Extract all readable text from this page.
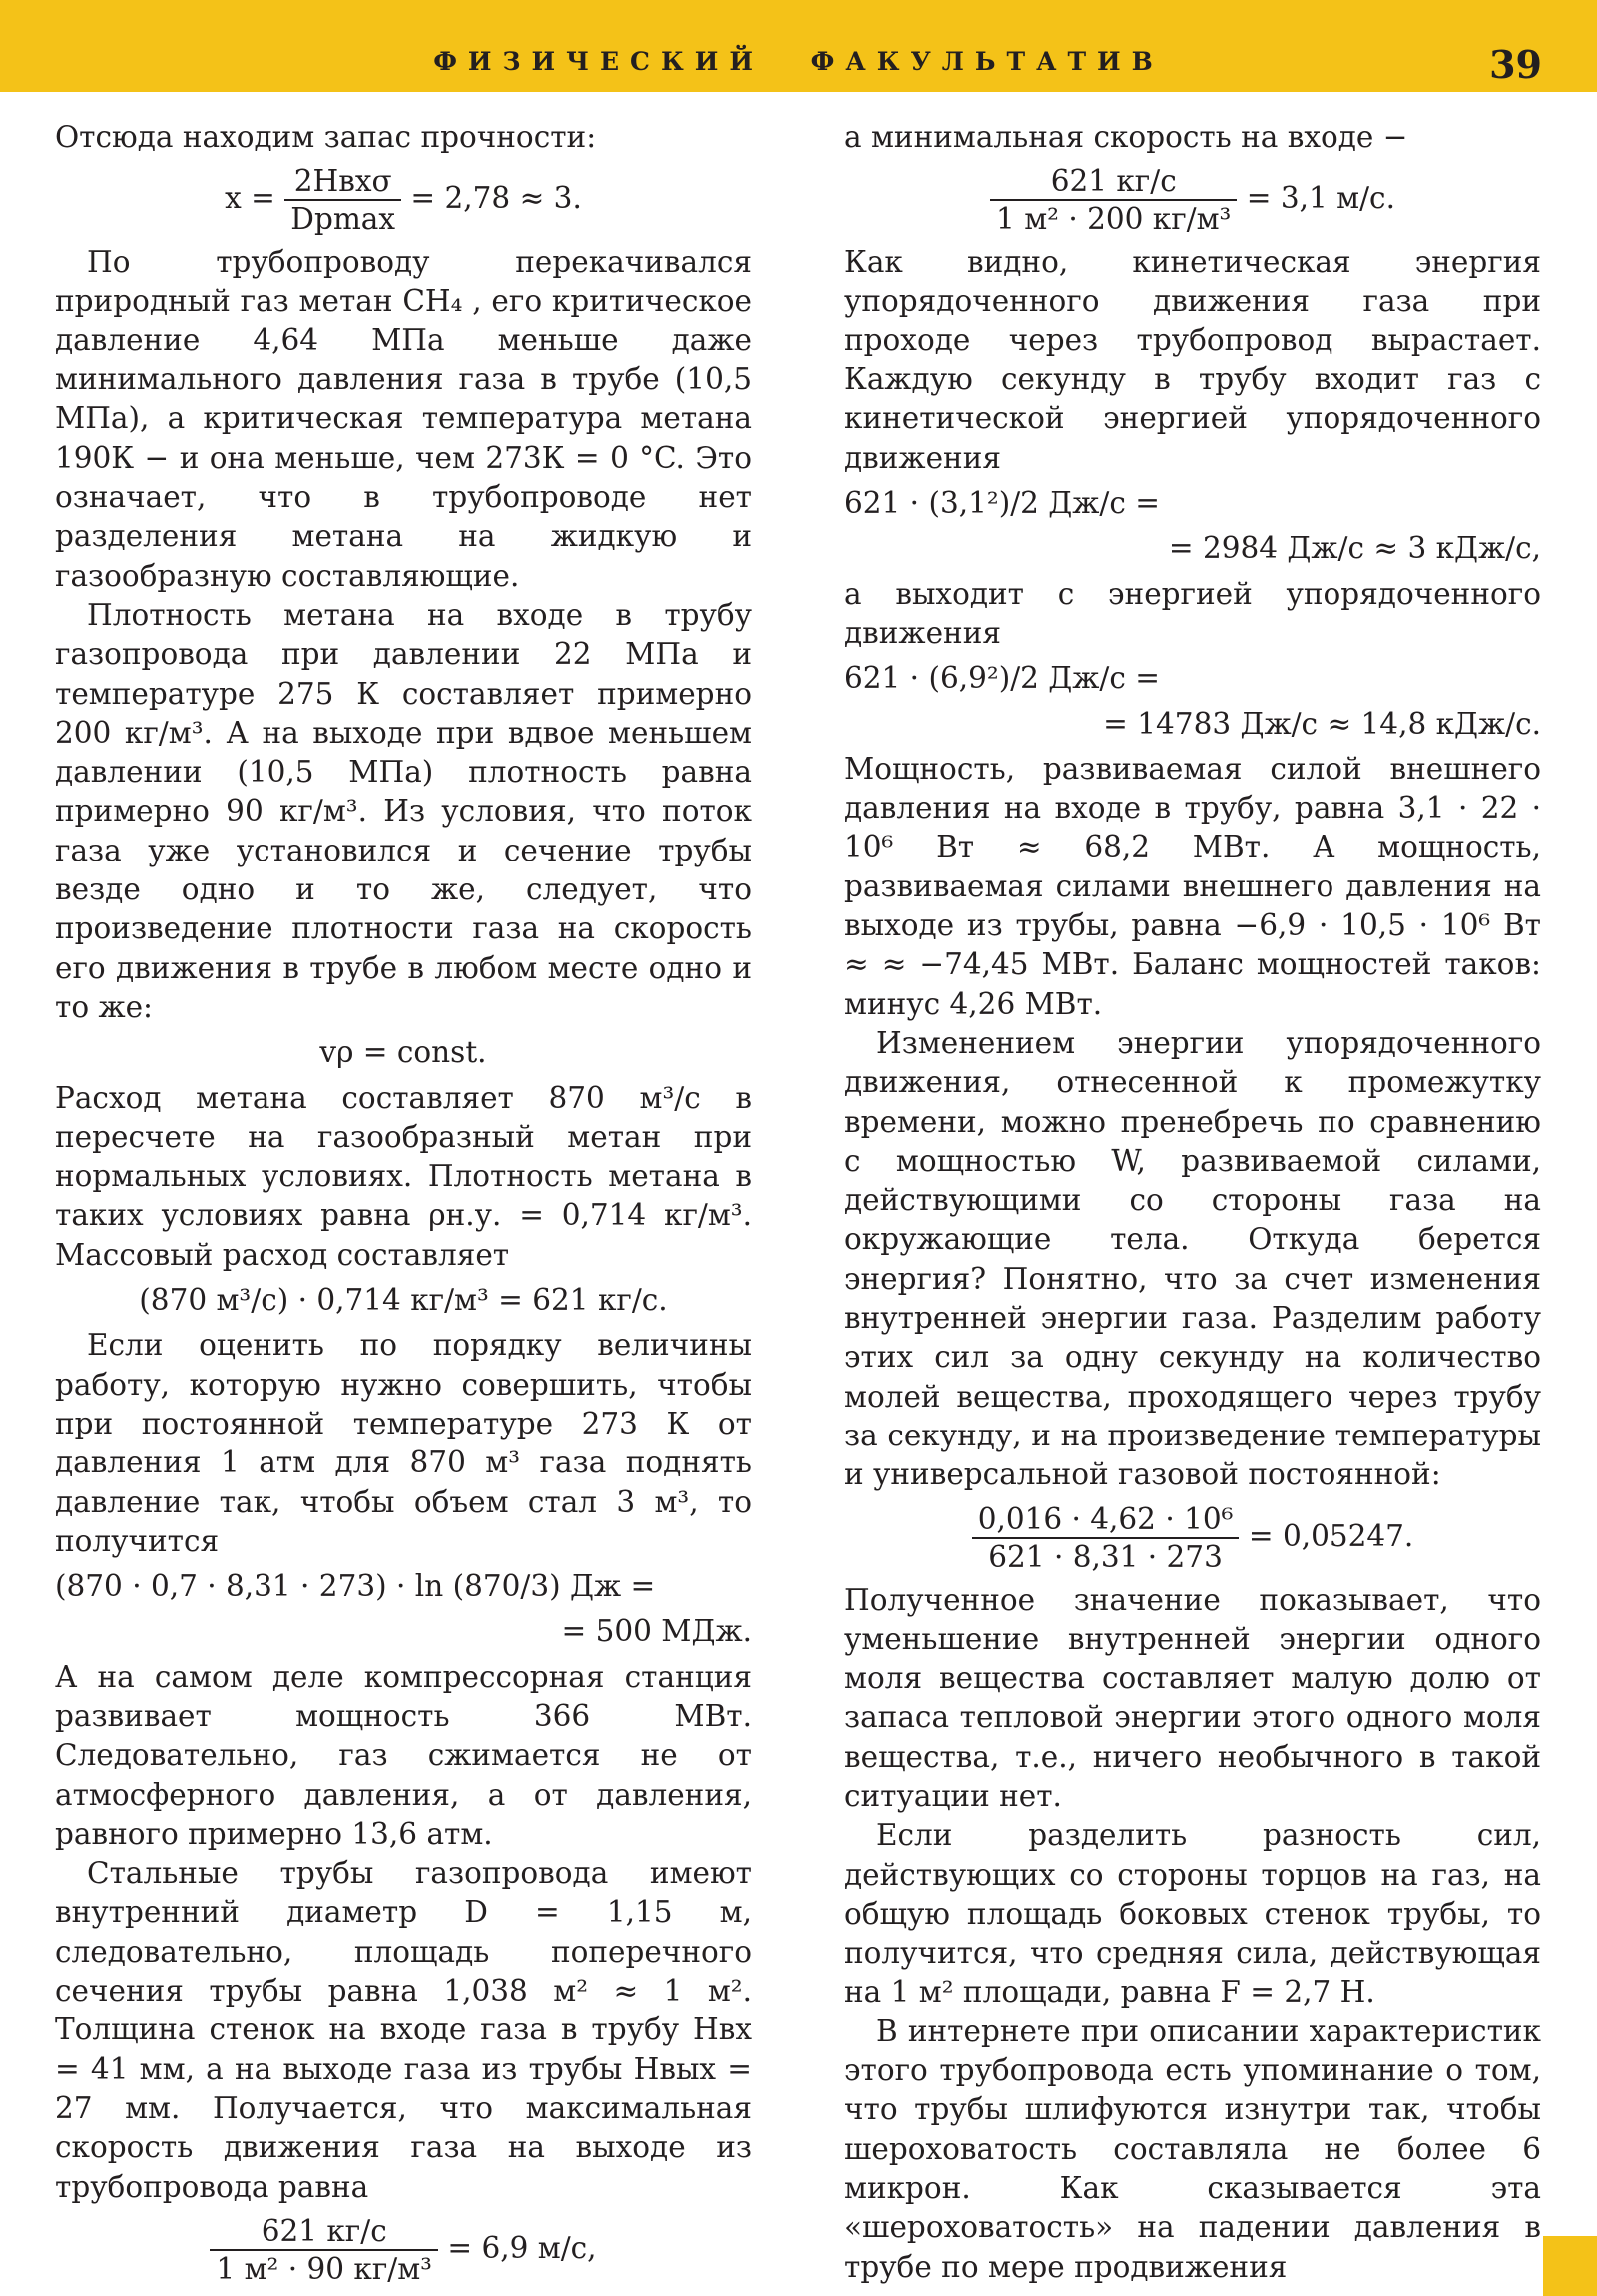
ФИЗИЧЕСКИЙ ФАКУЛЬТАТИВ	39

Отсюда находим запас прочности:

$x = \frac{\text{2Hвхσ}}{Dpmax} = 2,78 \approx 3$.

По трубопроводу перекачивался природный газ метан CH₄ , его критическое давление 4,64 МПа меньше даже минимального давления газа в трубе (10,5 МПа), а критическая температура метана 190К − и она меньше, чем 273К = 0 °C. Это означает, что в трубопроводе нет разделения метана на жидкую и газообразную составляющие.

Плотность метана на входе в трубу газопровода при давлении 22 МПа и температуре 275 К составляет примерно 200 кг/м³. А на выходе при вдвое меньшем давлении (10,5 МПа) плотность равна примерно 90 кг/м³. Из условия, что поток газа уже установился и сечение трубы везде одно и то же, следует, что произведение плотности газа на скорость его движения в трубе в любом месте одно и то же:

vρ = const.

Расход метана составляет 870 м³/с в пересчете на газообразный метан при нормальных условиях. Плотность метана в таких условиях равна ρн.у. = 0,714 кг/м³. Массовый расход составляет

(870 м³/с) · 0,714 кг/м³ = 621 кг/с.

Если оценить по порядку величины работу, которую нужно совершить, чтобы при постоянной температуре 273 К от давления 1 атм для 870 м³ газа поднять давление так, чтобы объем стал 3 м³, то получится

(870 · 0,7 · 8,31 · 273) · ln (870/3) Дж =
= 500 МДж.

А на самом деле компрессорная станция развивает мощность 366 МВт. Следовательно, газ сжимается не от атмосферного давления, а от давления, равного примерно 13,6 атм.

Стальные трубы газопровода имеют внутренний диаметр D = 1,15 м, следовательно, площадь поперечного сечения трубы равна 1,038 м² ≈ 1 м². Толщина стенок на входе газа в трубу Hвх = 41 мм, а на выходе газа из трубы Hвых = 27 мм. Получается, что максимальная скорость движения газа на выходе из трубопровода равна

$\frac{621 кг/с}{\text{1 м² · 90 кг/м³}} = 6,9$ м/с,

а минимальная скорость на входе −

$\frac{621 кг/с}{\text{1 м² · 200 кг/м³}} = 3,1$ м/с.

Как видно, кинетическая энергия упорядоченного движения газа при проходе через трубопровод вырастает. Каждую секунду в трубу входит газ с кинетической энергией упорядоченного движения

621 · (3,1²)/2 Дж/с =
= 2984 Дж/с ≈ 3 кДж/с,

а выходит с энергией упорядоченного движения

621 · (6,9²)/2 Дж/с =
= 14783 Дж/с ≈ 14,8 кДж/с.

Мощность, развиваемая силой внешнего давления на входе в трубу, равна 3,1 · 22 · 10⁶ Вт ≈ 68,2 МВт. А мощность, развиваемая силами внешнего давления на выходе из трубы, равна −6,9 · 10,5 · 10⁶ Вт ≈ ≈ −74,45 МВт. Баланс мощностей таков: минус 4,26 МВт.

Изменением энергии упорядоченного движения, отнесенной к промежутку времени, можно пренебречь по сравнению с мощностью W, развиваемой силами, действующими со стороны газа на окружающие тела. Откуда берется энергия? Понятно, что за счет изменения внутренней энергии газа. Разделим работу этих сил за одну секунду на количество молей вещества, проходящего через трубу за секунду, и на произведение температуры и универсальной газовой постоянной:

$\frac{\text{0,016 · 4,62 · 10⁶}}{621 \cdot 8,31 \cdot 273} = 0,05247$.

Полученное значение показывает, что уменьшение внутренней энергии одного моля вещества составляет малую долю от запаса тепловой энергии этого одного моля вещества, т.е., ничего необычного в такой ситуации нет.

Если разделить разность сил, действующих со стороны торцов на газ, на общую площадь боковых стенок трубы, то получится, что средняя сила, действующая на 1 м² площади, равна F = 2,7 Н.

В интернете при описании характеристик этого трубопровода есть упоминание о том, что трубы шлифуются изнутри так, чтобы шероховатость составляла не более 6 микрон. Как сказывается эта «шероховатость» на падении давления в трубе по мере продвижения
